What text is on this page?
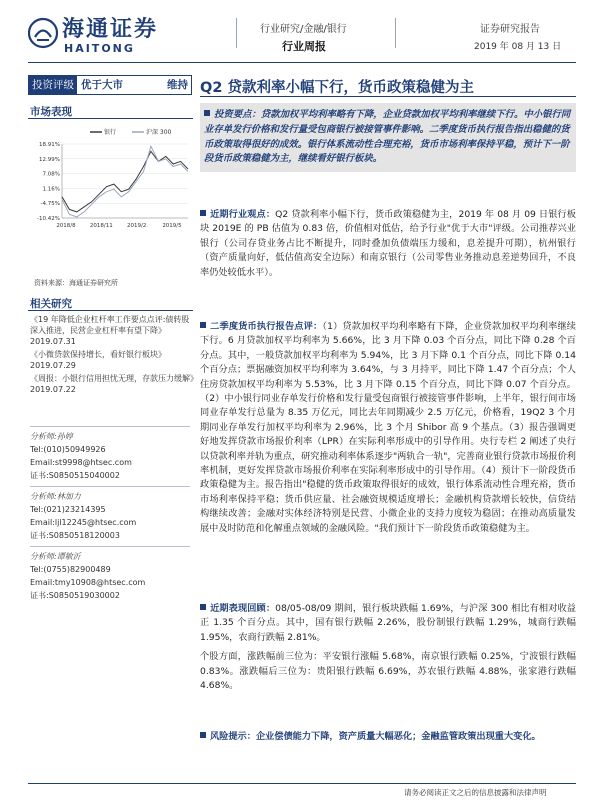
海通证券
HAITONG
行业研究/金融/银行
行业周报
证券研究报告
2019 年 08 月 13 日
投资评级 优于大市	维持 Q2 贷款利率小幅下行，货币政策稳健为主
市场表现
银行	沪深 300
18.91%
12.99%
7.08%
1.16%
-4.75%
-10.42%
2018/8	2018/11	2019/2	2019/5
资料来源：海通证券研究所
相关研究
《19 年降低企业杠杆率工作要点点评:债转股深入推进，民营企业杠杆率有望下降》
2019.07.31
《小微贷款保持增长，看好银行板块》
2019.07.29
《周报：小银行信用担忧无理，存款压力缓解》
2019.07.22
分析师:孙婷
Tel:(010)50949926
Email:st9998@htsec.com
证书:S0850515040002
分析师:林加力
Tel:(021)23214395
Email:ljl12245@htsec.com
证书:S0850518120003
分析师:谭敏沂
Tel:(0755)82900489
Email:tmy10908@htsec.com
证书:S0850519030002

投资要点：贷款加权平均利率略有下降，企业贷款加权平均利率继续下行。中小银行同业存单发行价格和发行量受包商银行被接管事件影响。二季度货币执行报告指出稳健的货币政策取得很好的成效。银行体系流动性合理充裕，货币市场利率保持平稳，预计下一阶段货币政策稳健为主，继续看好银行板块。

近期行业观点：Q2 贷款利率小幅下行，货币政策稳健为主，2019 年 08 月 09 日银行板块 2019E 的 PB 估值为 0.83 倍，价值相对低估，给予行业"优于大市"评级。公司推荐兴业银行（公司存贷业务占比不断提升，同时叠加负债端压力缓和，息差提升可期），杭州银行（资产质量向好，低估值高安全边际）和南京银行（公司零售业务推动息差逆势回升，不良率仍处较低水平）。

二季度货币执行报告点评：（1）贷款加权平均利率略有下降，企业贷款加权平均利率继续下行。6 月贷款加权平均利率为 5.66%，比 3 月下降 0.03 个百分点，同比下降 0.28 个百分点。其中，一般贷款加权平均利率为 5.94%，比 3 月下降 0.1 个百分点，同比下降 0.14 个百分点；票据融资加权平均利率为 3.64%，与 3 月持平，同比下降 1.47 个百分点；个人住房贷款加权平均利率为 5.53%，比 3 月下降 0.15 个百分点，同比下降 0.07 个百分点。（2）中小银行同业存单发行价格和发行量受包商银行被接管事件影响，上半年，银行间市场同业存单发行总量为 8.35 万亿元，同比去年同期减少 2.5 万亿元，价格看，19Q2 3 个月期同业存单发行加权平均利率为 2.96%，比 3 个月 Shibor 高 9 个基点。（3）报告强调更好地发挥贷款市场报价利率（LPR）在实际利率形成中的引导作用。央行专栏 2 阐述了央行以贷款利率并轨为重点，研究推动利率体系逐步"两轨合一轨"，完善商业银行贷款市场报价利率机制，更好发挥贷款市场报价利率在实际利率形成中的引导作用。（4）预计下一阶段货币政策稳健为主。报告指出"稳健的货币政策取得很好的成效，银行体系流动性合理充裕，货币市场利率保持平稳；货币供应量、社会融资规模适度增长；金融机构贷款增长较快，信贷结构继续改善；金融对实体经济特别是民营、小微企业的支持力度较为稳固；在推动高质量发展中及时防范和化解重点领域的金融风险。"我们预计下一阶段货币政策稳健为主。

近期表现回顾：08/05-08/09 期间，银行板块跌幅 1.69%，与沪深 300 相比有相对收益正 1.35 个百分点。其中，国有银行跌幅 2.26%，股份制银行跌幅 1.29%，城商行跌幅 1.95%，农商行跌幅 2.81%。

个股方面，涨跌幅前三位为：平安银行涨幅 5.68%，南京银行跌幅 0.25%，宁波银行跌幅 0.83%。涨跌幅后三位为：贵阳银行跌幅 6.69%，苏农银行跌幅 4.88%，张家港行跌幅 4.68%。

风险提示：企业偿债能力下降，资产质量大幅恶化；金融监管政策出现重大变化。

请务必阅读正文之后的信息披露和法律声明
